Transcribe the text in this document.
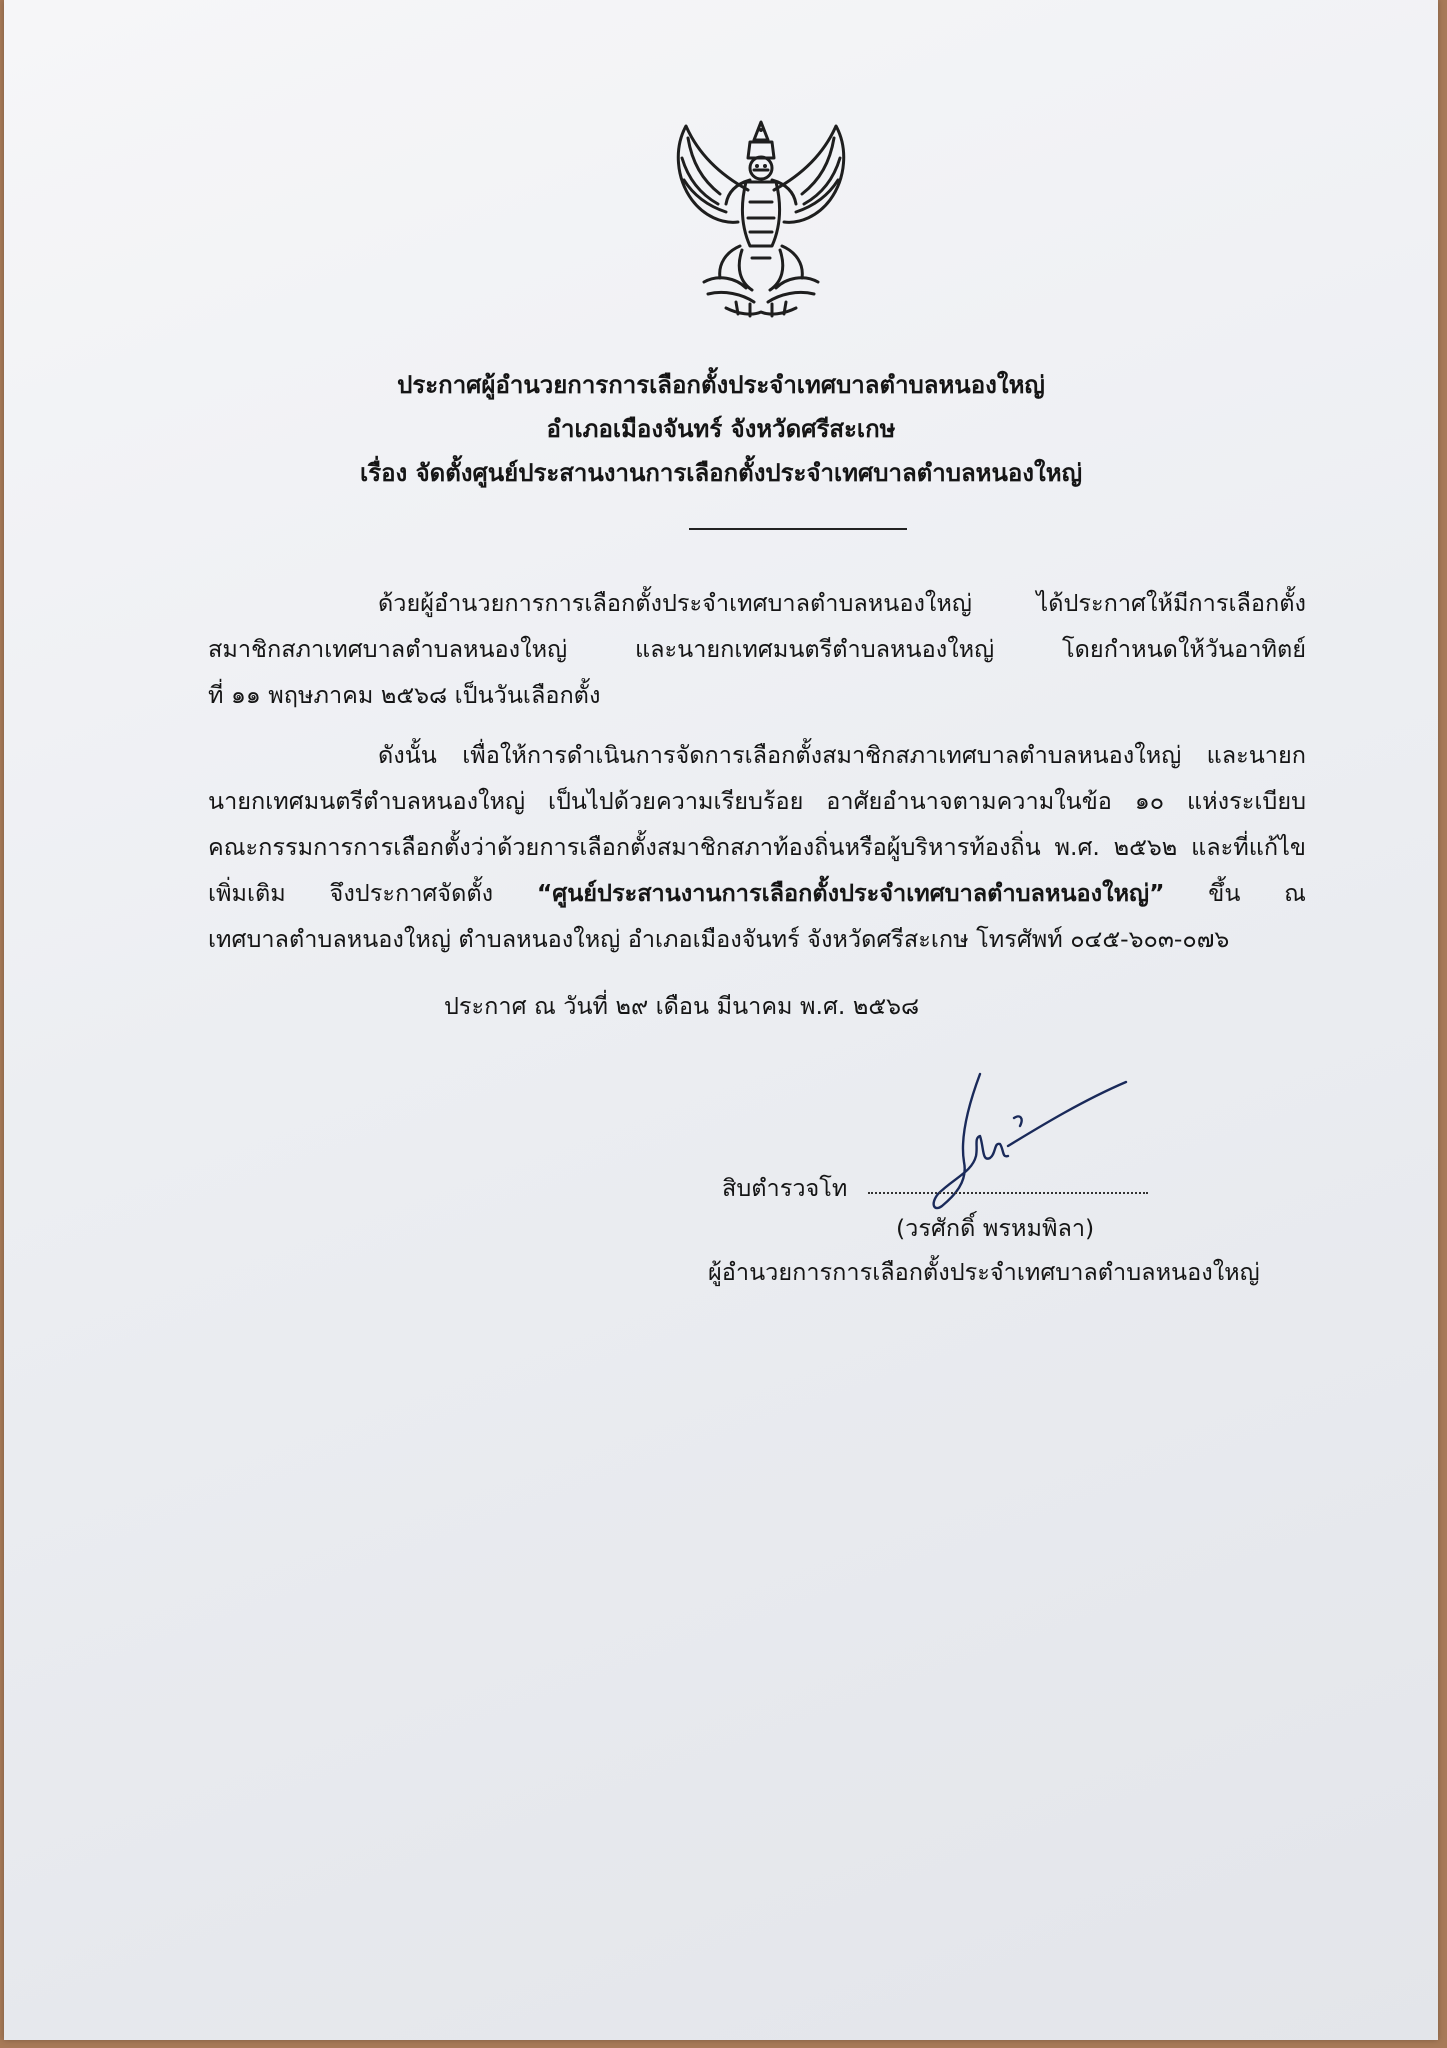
ประกาศผู้อำนวยการการเลือกตั้งประจำเทศบาลตำบลหนองใหญ่
อำเภอเมืองจันทร์ จังหวัดศรีสะเกษ
เรื่อง จัดตั้งศูนย์ประสานงานการเลือกตั้งประจำเทศบาลตำบลหนองใหญ่
ด้วยผู้อำนวยการการเลือกตั้งประจำเทศบาลตำบลหนองใหญ่ ได้ประกาศให้มีการเลือกตั้ง
สมาชิกสภาเทศบาลตำบลหนองใหญ่ และนายกเทศมนตรีตำบลหนองใหญ่ โดยกำหนดให้วันอาทิตย์
ที่ ๑๑ พฤษภาคม ๒๕๖๘ เป็นวันเลือกตั้ง
ดังนั้น เพื่อให้การดำเนินการจัดการเลือกตั้งสมาชิกสภาเทศบาลตำบลหนองใหญ่ และนายก
นายกเทศมนตรีตำบลหนองใหญ่ เป็นไปด้วยความเรียบร้อย อาศัยอำนาจตามความในข้อ ๑๐ แห่งระเบียบ
คณะกรรมการการเลือกตั้งว่าด้วยการเลือกตั้งสมาชิกสภาท้องถิ่นหรือผู้บริหารท้องถิ่น พ.ศ. ๒๕๖๒ และที่แก้ไข
เพิ่มเติม จึงประกาศจัดตั้ง “ศูนย์ประสานงานการเลือกตั้งประจำเทศบาลตำบลหนองใหญ่” ขึ้น ณ
เทศบาลตำบลหนองใหญ่ ตำบลหนองใหญ่ อำเภอเมืองจันทร์ จังหวัดศรีสะเกษ โทรศัพท์ ๐๔๕-๖๐๓-๐๗๖
ประกาศ ณ วันที่ ๒๙ เดือน มีนาคม พ.ศ. ๒๕๖๘
สิบตำรวจโท
(วรศักดิ์ พรหมพิลา)
ผู้อำนวยการการเลือกตั้งประจำเทศบาลตำบลหนองใหญ่
